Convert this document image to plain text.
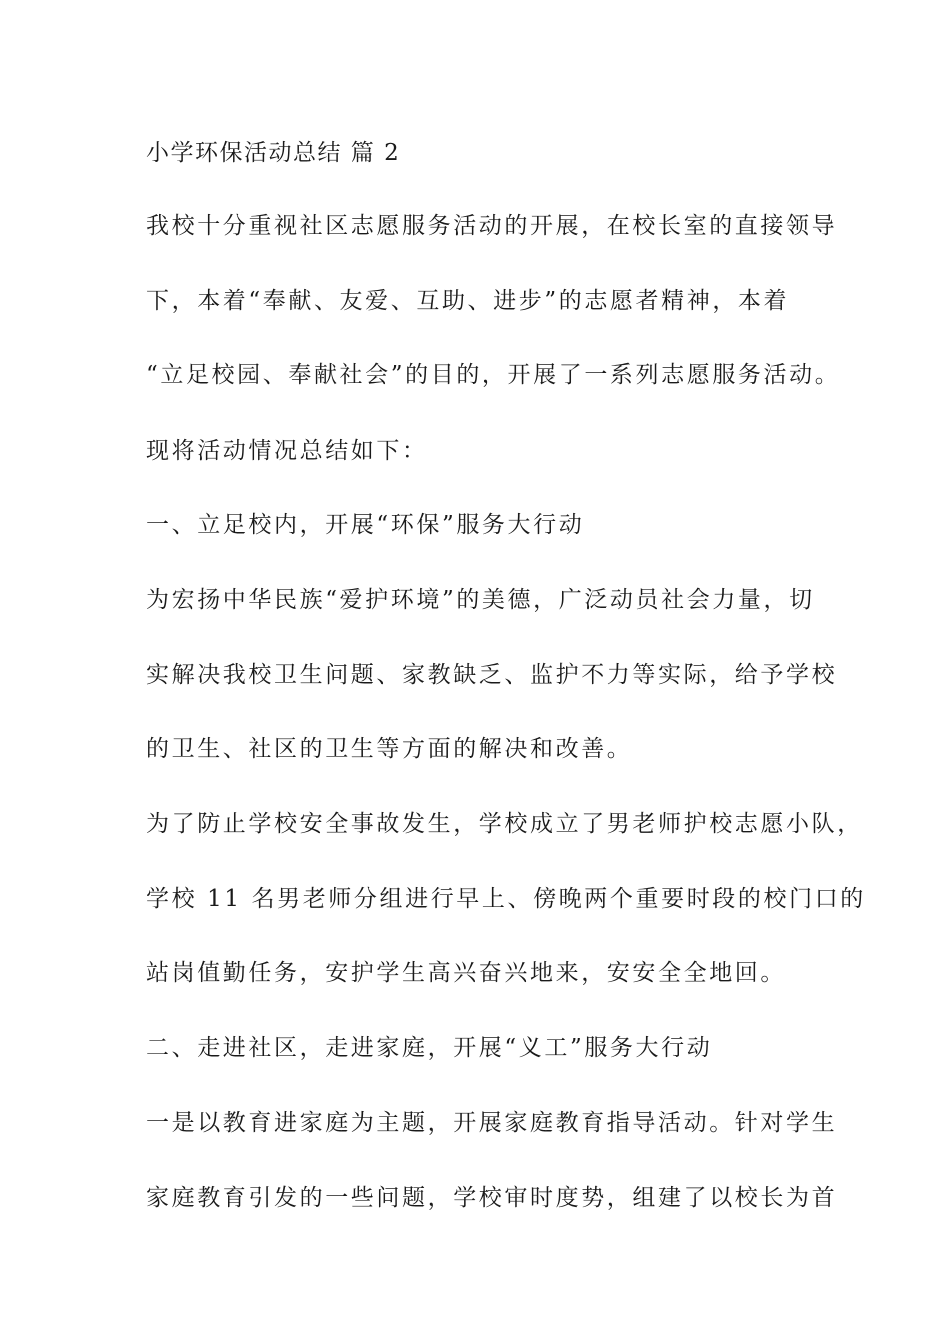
小学环保活动总结 篇 2
我校十分重视社区志愿服务活动的开展，在校长室的直接领导
下，本着“奉献、友爱、互助、进步”的志愿者精神，本着
“立足校园、奉献社会”的目的，开展了一系列志愿服务活动。
现将活动情况总结如下：
一、立足校内，开展“环保”服务大行动
为宏扬中华民族“爱护环境”的美德，广泛动员社会力量，切
实解决我校卫生问题、家教缺乏、监护不力等实际，给予学校
的卫生、社区的卫生等方面的解决和改善。
为了防止学校安全事故发生，学校成立了男老师护校志愿小队，
学校 11 名男老师分组进行早上、傍晚两个重要时段的校门口的
站岗值勤任务，安护学生高兴奋兴地来，安安全全地回。
二、走进社区，走进家庭，开展“义工”服务大行动
一是以教育进家庭为主题，开展家庭教育指导活动。针对学生
家庭教育引发的一些问题，学校审时度势，组建了以校长为首
